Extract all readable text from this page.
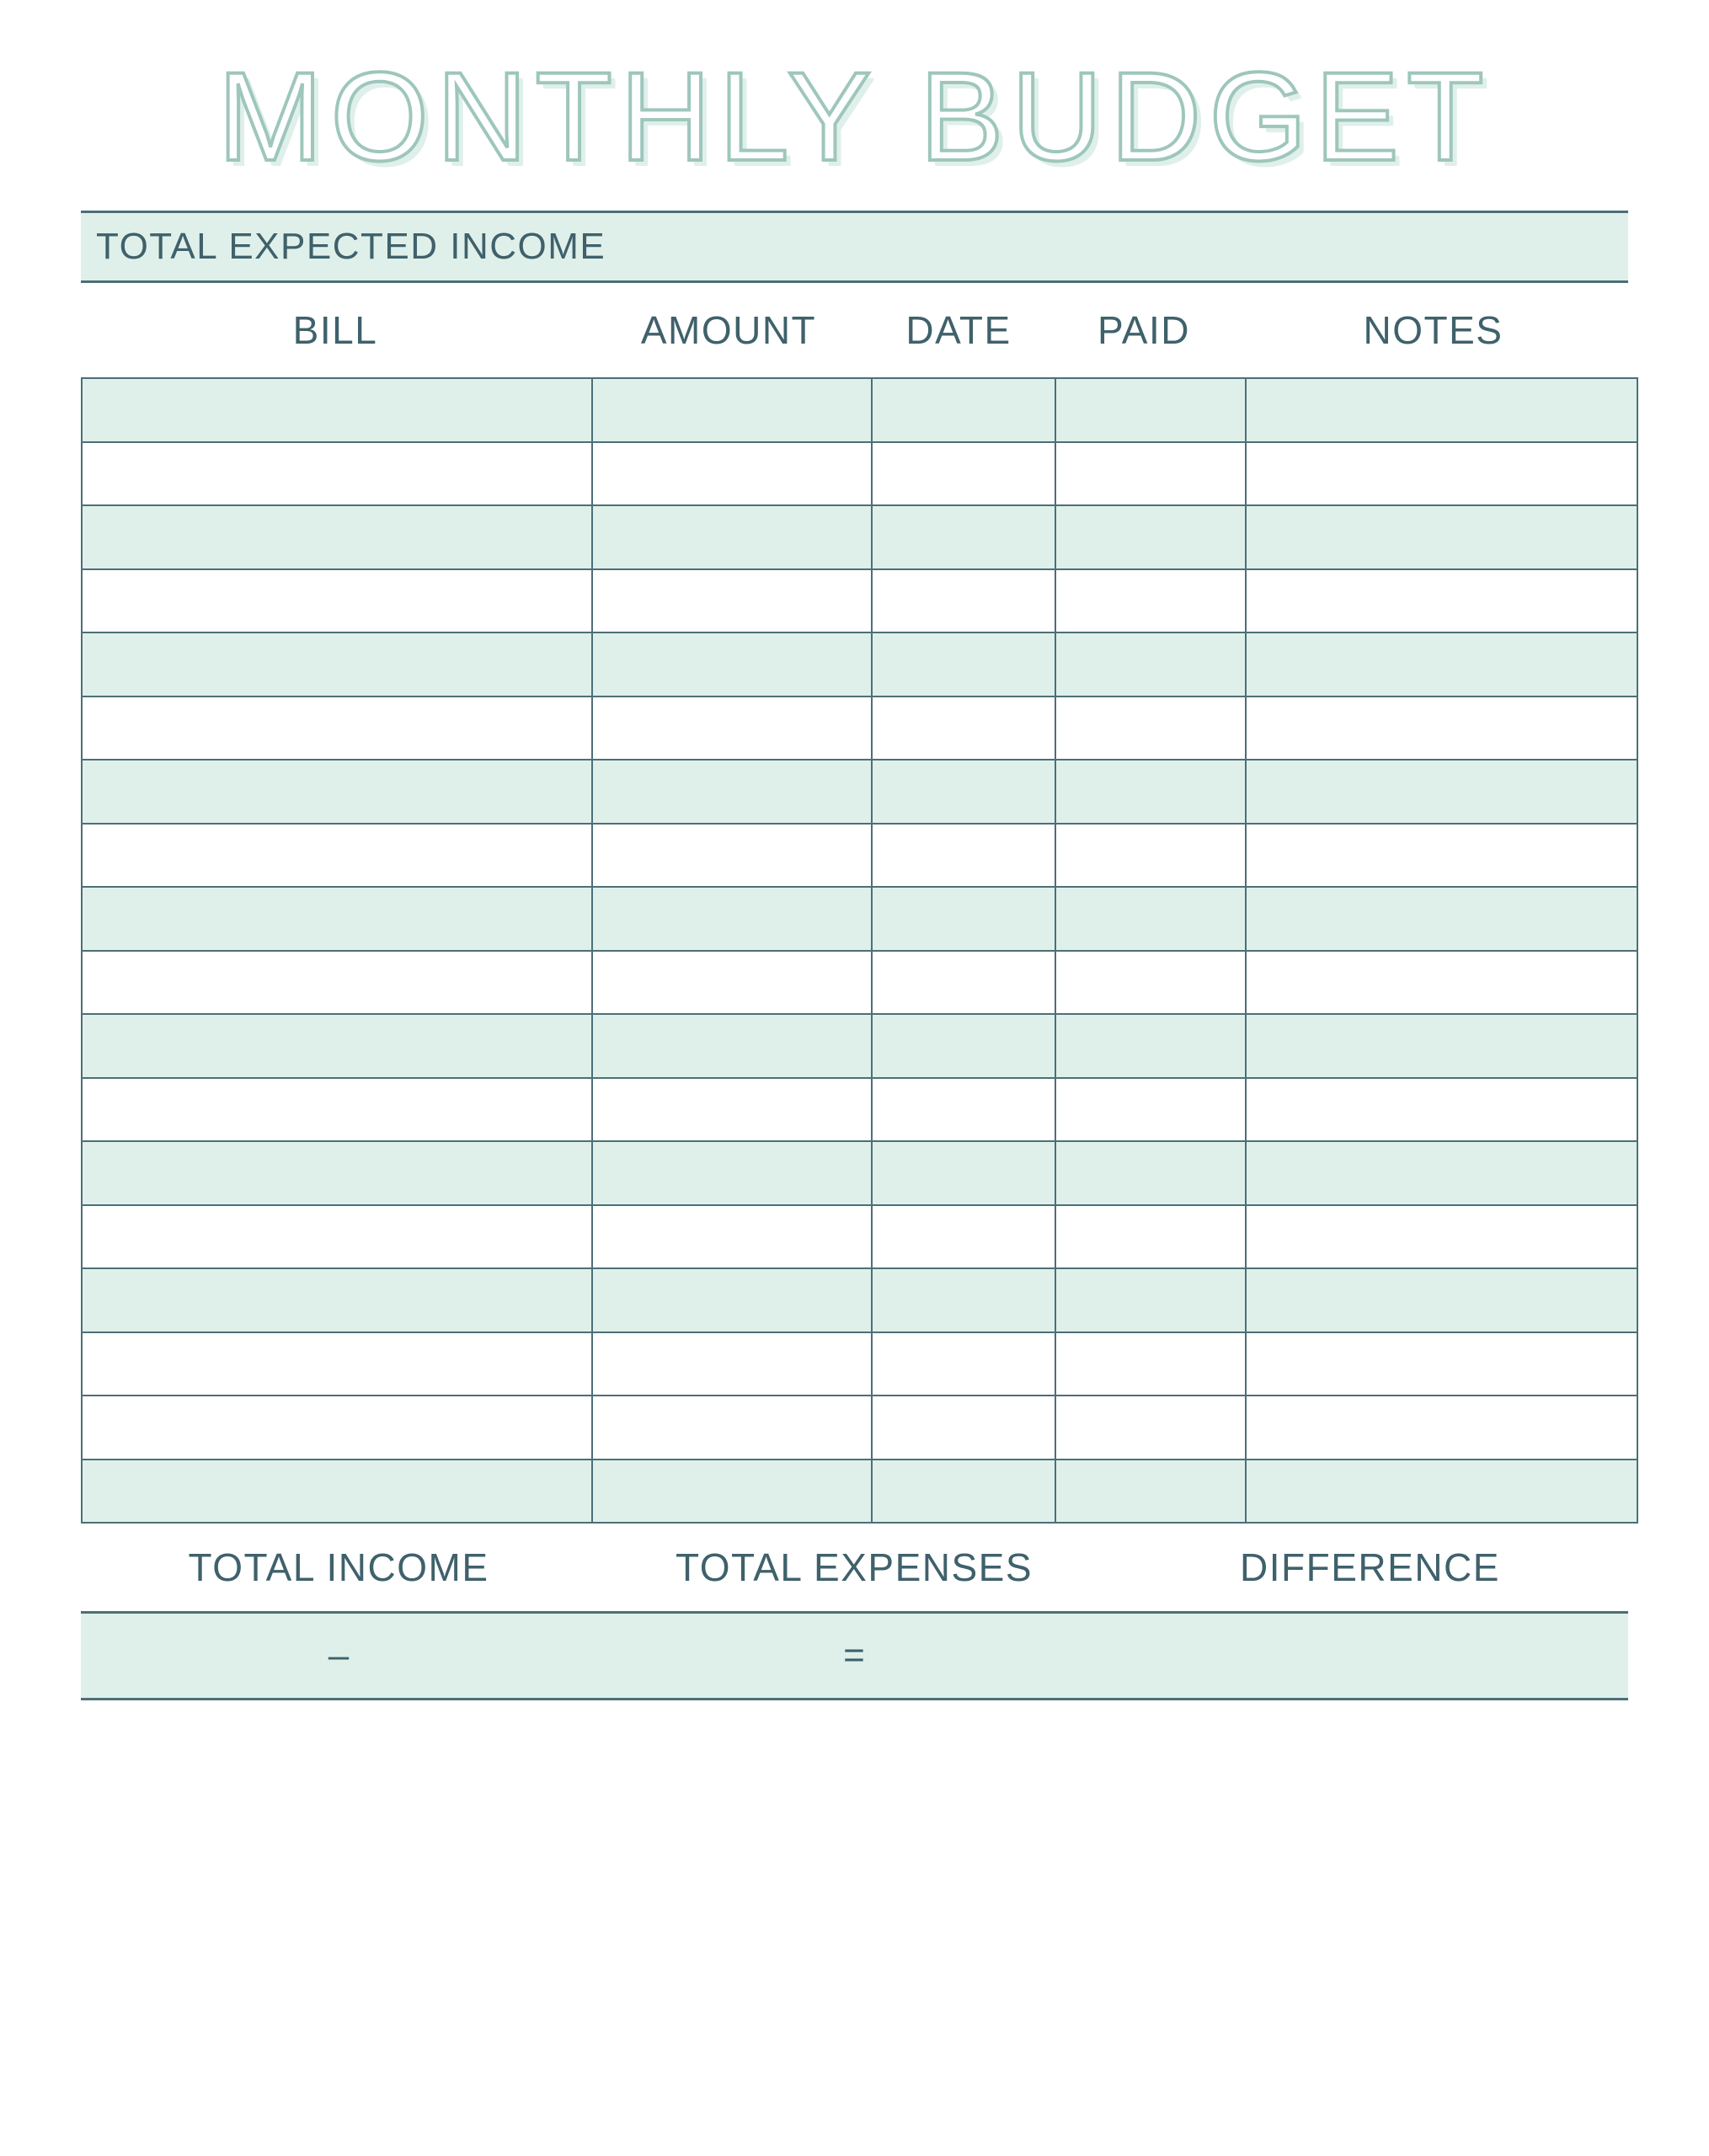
MONTHLY BUDGET
TOTAL EXPECTED INCOME
BILL	AMOUNT	DATE	PAID	NOTES

TOTAL INCOME	TOTAL EXPENSES	DIFFERENCE
–	=
